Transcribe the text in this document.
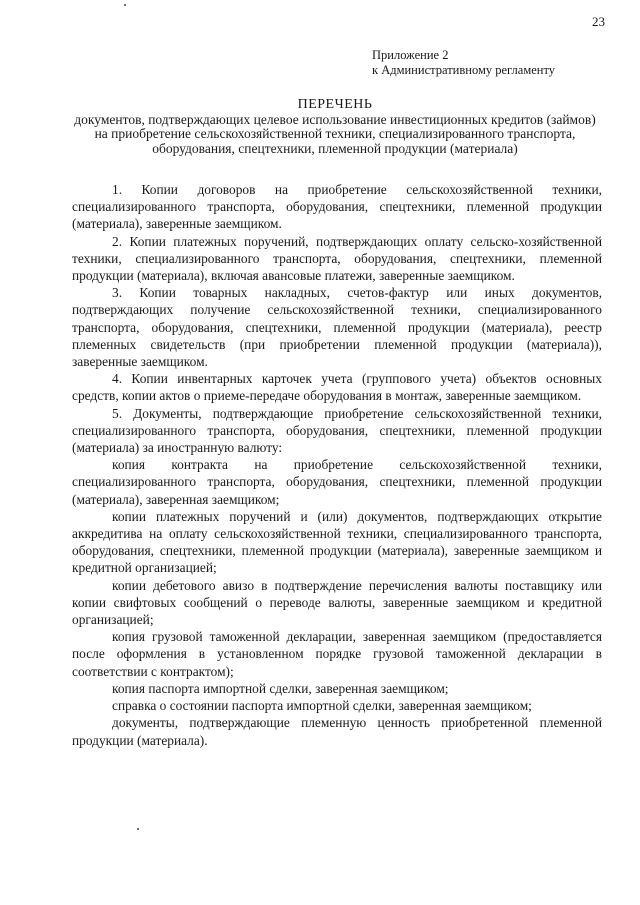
23
Приложение 2
к Административному регламенту
ПЕРЕЧЕНЬ
документов, подтверждающих целевое использование инвестиционных кредитов (займов) на приобретение сельскохозяйственной техники, специализированного транспорта, оборудования, спецтехники, племенной продукции (материала)

1. Копии договоров на приобретение сельскохозяйственной техники, специализированного транспорта, оборудования, спецтехники, племенной продукции (материала), заверенные заемщиком.

2. Копии платежных поручений, подтверждающих оплату сельско-хозяйственной техники, специализированного транспорта, оборудования, спецтехники, племенной продукции (материала), включая авансовые платежи, заверенные заемщиком.

3. Копии товарных накладных, счетов-фактур или иных документов, подтверждающих получение сельскохозяйственной техники, специализированного транспорта, оборудования, спецтехники, племенной продукции (материала), реестр племенных свидетельств (при приобретении племенной продукции (материала)), заверенные заемщиком.

4. Копии инвентарных карточек учета (группового учета) объектов основных средств, копии актов о приеме-передаче оборудования в монтаж, заверенные заемщиком.

5. Документы, подтверждающие приобретение сельскохозяйственной техники, специализированного транспорта, оборудования, спецтехники, племенной продукции (материала) за иностранную валюту:

копия контракта на приобретение сельскохозяйственной техники, специализированного транспорта, оборудования, спецтехники, племенной продукции (материала), заверенная заемщиком;

копии платежных поручений и (или) документов, подтверждающих открытие аккредитива на оплату сельскохозяйственной техники, специализированного транспорта, оборудования, спецтехники, племенной продукции (материала), заверенные заемщиком и кредитной организацией;

копии дебетового авизо в подтверждение перечисления валюты поставщику или копии свифтовых сообщений о переводе валюты, заверенные заемщиком и кредитной организацией;

копия грузовой таможенной декларации, заверенная заемщиком (предоставляется после оформления в установленном порядке грузовой таможенной декларации в соответствии с контрактом);

копия паспорта импортной сделки, заверенная заемщиком;

справка о состоянии паспорта импортной сделки, заверенная заемщиком;

документы, подтверждающие племенную ценность приобретенной племенной продукции (материала).
